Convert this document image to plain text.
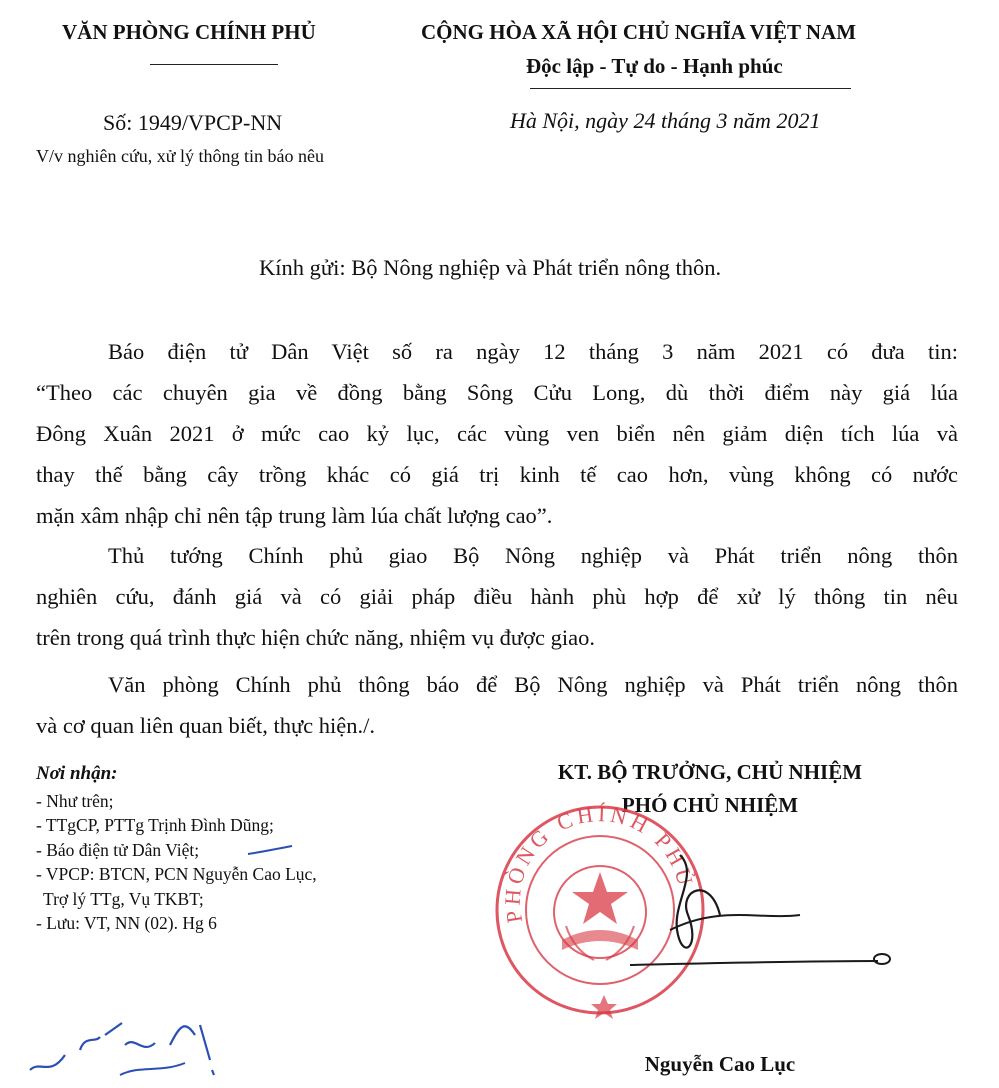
VĂN PHÒNG CHÍNH PHỦ	CỘNG HÒA XÃ HỘI CHỦ NGHĨA VIỆT NAM
Độc lập - Tự do - Hạnh phúc
Số: 1949/VPCP-NN
V/v nghiên cứu, xử lý thông tin báo nêu
Hà Nội, ngày 24 tháng 3 năm 2021
Kính gửi: Bộ Nông nghiệp và Phát triển nông thôn.
Báo điện tử Dân Việt số ra ngày 12 tháng 3 năm 2021 có đưa tin:
“Theo các chuyên gia về đồng bằng Sông Cửu Long, dù thời điểm này giá lúa
Đông Xuân 2021 ở mức cao kỷ lục, các vùng ven biển nên giảm diện tích lúa và
thay thế bằng cây trồng khác có giá trị kinh tế cao hơn, vùng không có nước
mặn xâm nhập chỉ nên tập trung làm lúa chất lượng cao”.
Thủ tướng Chính phủ giao Bộ Nông nghiệp và Phát triển nông thôn
nghiên cứu, đánh giá và có giải pháp điều hành phù hợp để xử lý thông tin nêu
trên trong quá trình thực hiện chức năng, nhiệm vụ được giao.
Văn phòng Chính phủ thông báo để Bộ Nông nghiệp và Phát triển nông thôn
và cơ quan liên quan biết, thực hiện./.
Nơi nhận:
- Như trên;
- TTgCP, PTTg Trịnh Đình Dũng;
- Báo điện tử Dân Việt;
- VPCP: BTCN, PCN Nguyễn Cao Lục,
Trợ lý TTg, Vụ TKBT;
- Lưu: VT, NN (02). Hg 6
KT. BỘ TRƯỞNG, CHỦ NHIỆM
PHÓ CHỦ NHIỆM
Nguyễn Cao Lục
PHÒNG CHÍNH PHỦ
